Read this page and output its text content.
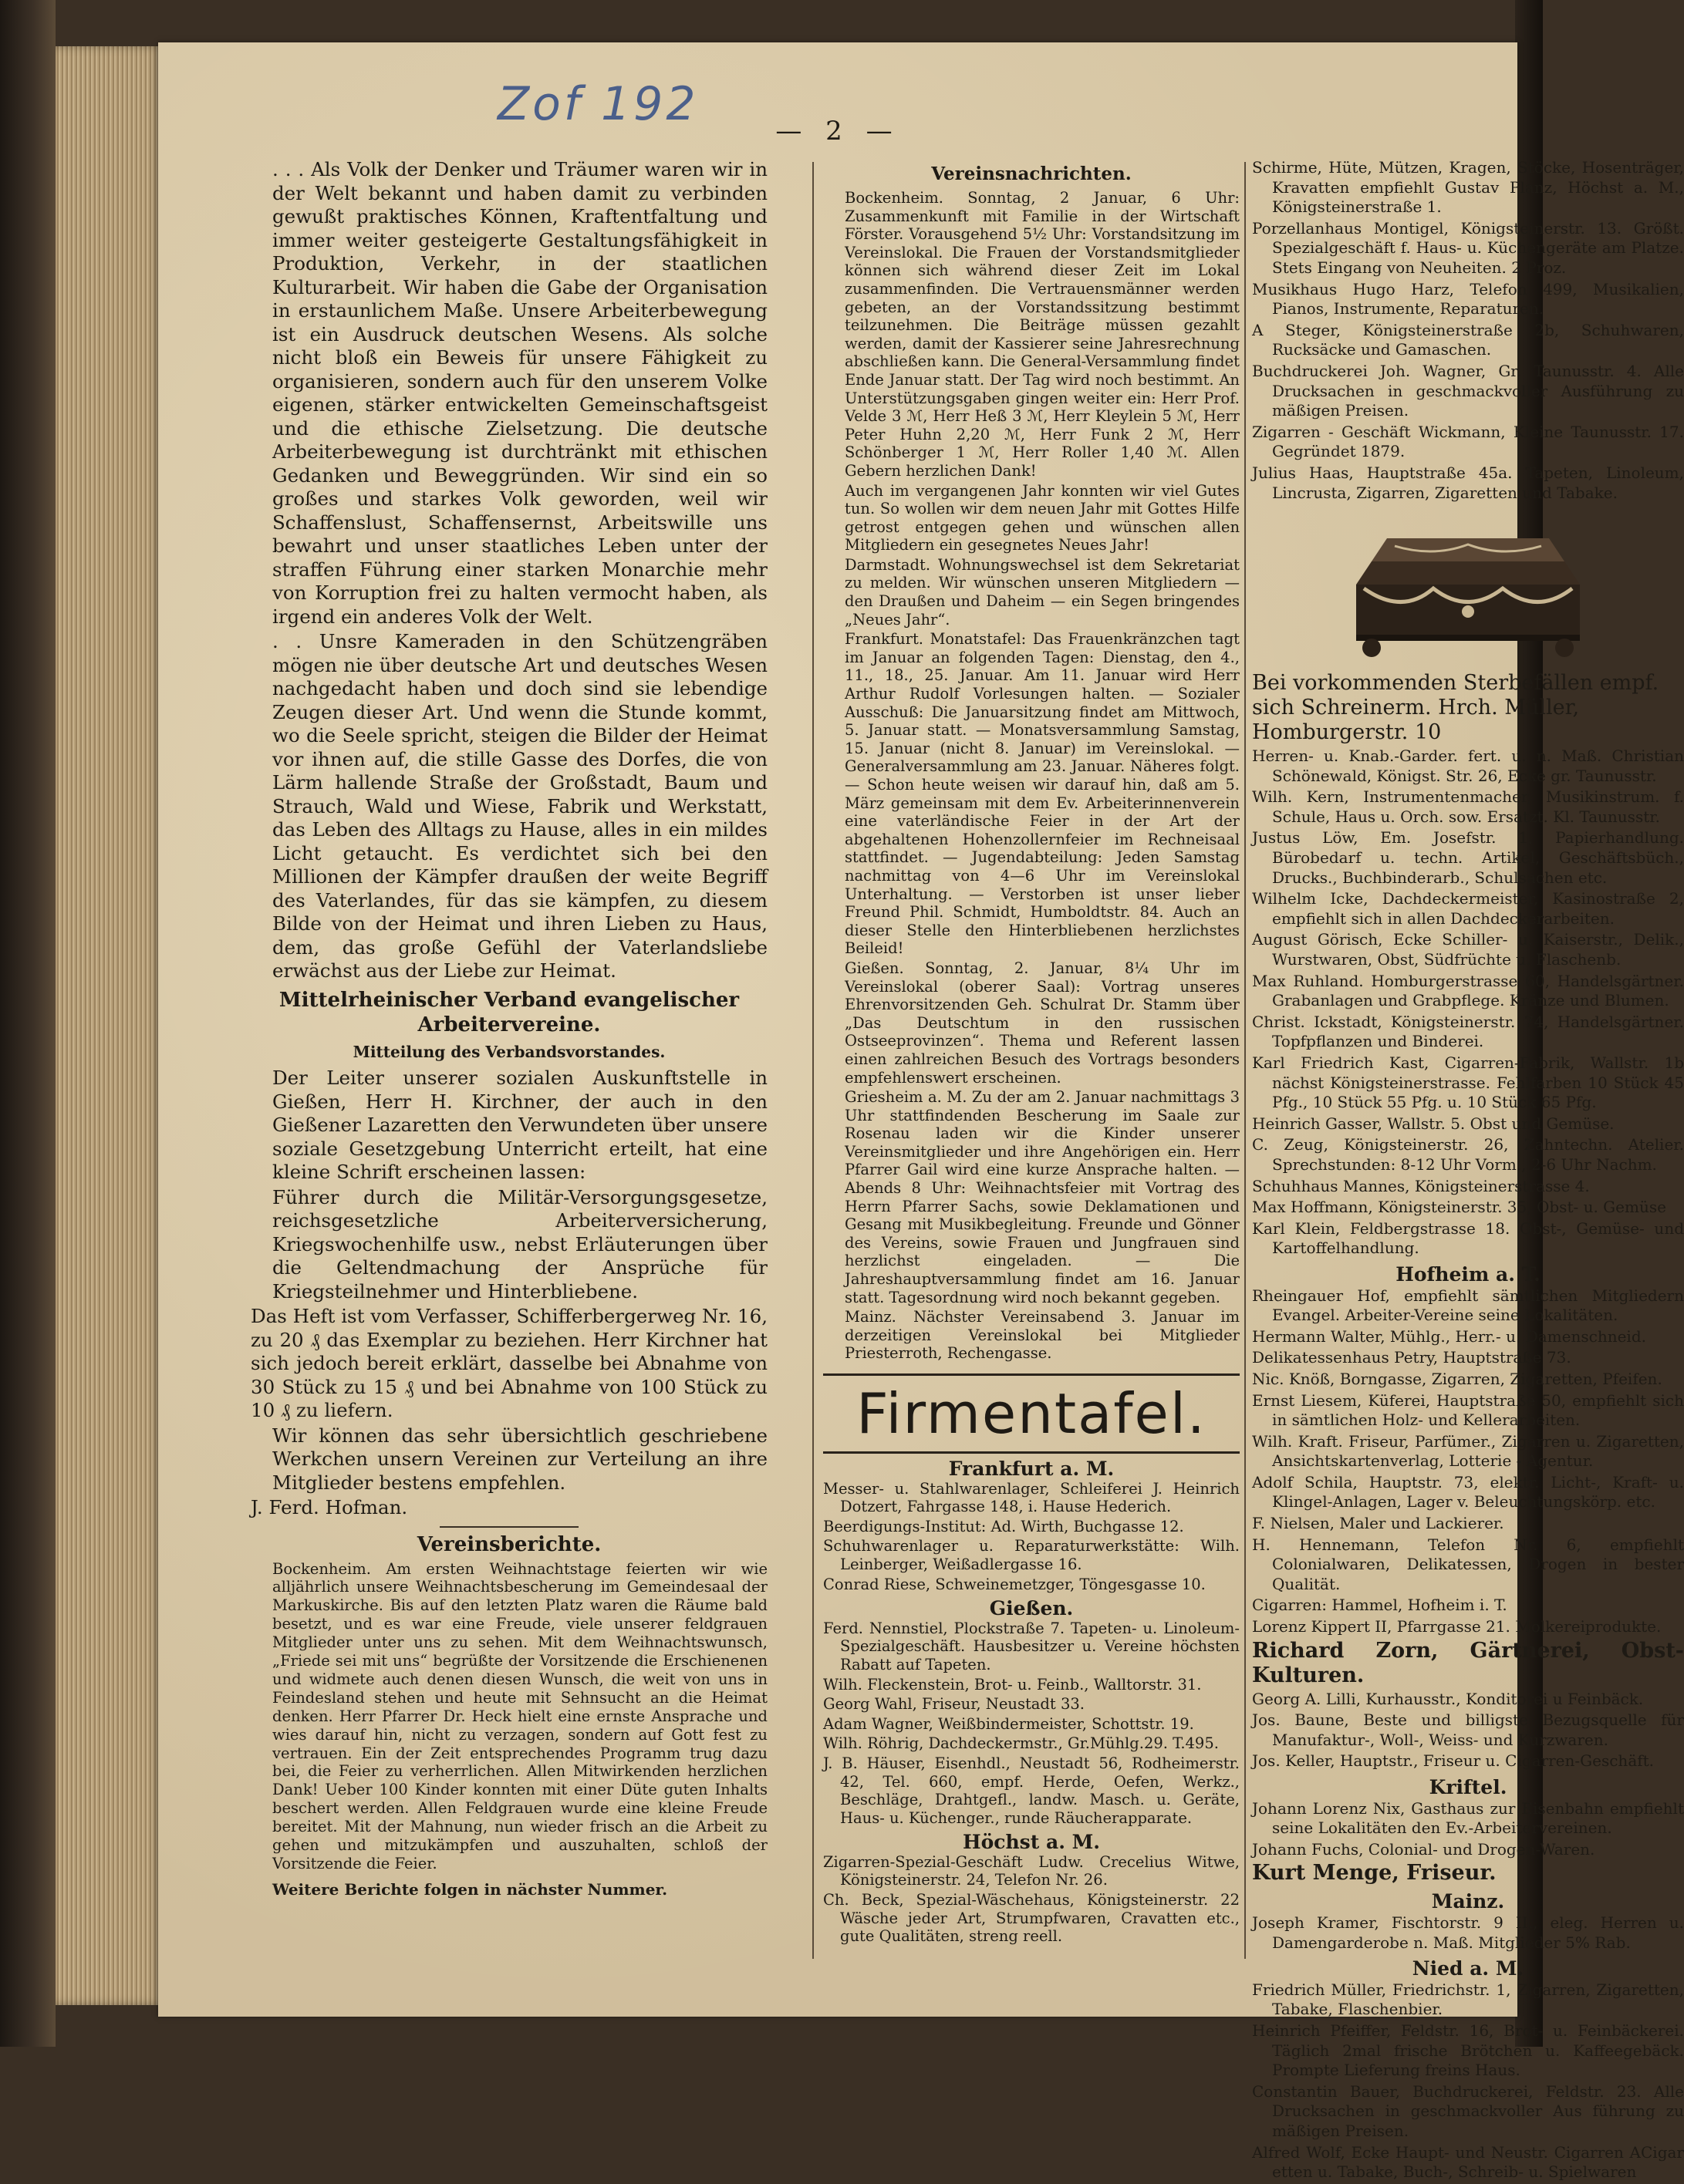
Zof 192	— 2 —

. . . Als Volk der Denker und Träumer waren wir in der Welt bekannt und haben damit zu verbinden gewußt praktisches Können, Kraftentfaltung und immer weiter gesteigerte Gestaltungsfähigkeit in Produktion, Verkehr, in der staatlichen Kulturarbeit. Wir haben die Gabe der Organisation in erstaunlichem Maße. Unsere Arbeiterbewegung ist ein Ausdruck deutschen Wesens. Als solche nicht bloß ein Beweis für unsere Fähigkeit zu organisieren, sondern auch für den unserem Volke eigenen, stärker entwickelten Gemeinschaftsgeist und die ethische Zielsetzung. Die deutsche Arbeiterbewegung ist durchtränkt mit ethischen Gedanken und Beweggründen. Wir sind ein so großes und starkes Volk geworden, weil wir Schaffenslust, Schaffensernst, Arbeitswille uns bewahrt und unser staatliches Leben unter der straffen Führung einer starken Monarchie mehr von Korruption frei zu halten vermocht haben, als irgend ein anderes Volk der Welt.

. . Unsre Kameraden in den Schützengräben mögen nie über deutsche Art und deutsches Wesen nachgedacht haben und doch sind sie lebendige Zeugen dieser Art. Und wenn die Stunde kommt, wo die Seele spricht, steigen die Bilder der Heimat vor ihnen auf, die stille Gasse des Dorfes, die von Lärm hallende Straße der Großstadt, Baum und Strauch, Wald und Wiese, Fabrik und Werkstatt, das Leben des Alltags zu Hause, alles in ein mildes Licht getaucht. Es verdichtet sich bei den Millionen der Kämpfer draußen der weite Begriff des Vaterlandes, für das sie kämpfen, zu diesem Bilde von der Heimat und ihren Lieben zu Haus, dem, das große Gefühl der Vaterlandsliebe erwächst aus der Liebe zur Heimat.

Mittelrheinischer Verband evangelischer Arbeitervereine.
Mitteilung des Verbandsvorstandes.

Der Leiter unserer sozialen Auskunftstelle in Gießen, Herr H. Kirchner, der auch in den Gießener Lazaretten den Verwundeten über unsere soziale Gesetzgebung Unterricht erteilt, hat eine kleine Schrift erscheinen lassen:

Führer durch die Militär-Versorgungsgesetze, reichsgesetzliche Arbeiterversicherung, Kriegswochenhilfe usw., nebst Erläuterungen über die Geltendmachung der Ansprüche für Kriegsteilnehmer und Hinterbliebene.

Das Heft ist vom Verfasser, Schifferbergerweg Nr. 16, zu 20 ₰ das Exemplar zu beziehen. Herr Kirchner hat sich jedoch bereit erklärt, dasselbe bei Abnahme von 30 Stück zu 15 ₰ und bei Abnahme von 100 Stück zu 10 ₰ zu liefern.

Wir können das sehr übersichtlich geschriebene Werkchen unsern Vereinen zur Verteilung an ihre Mitglieder bestens empfehlen.

J. Ferd. Hofman.

Vereinsberichte.

Bockenheim. Am ersten Weihnachtstage feierten wir wie alljährlich unsere Weihnachtsbescherung im Gemeindesaal der Markuskirche. Bis auf den letzten Platz waren die Räume bald besetzt, und es war eine Freude, viele unserer feldgrauen Mitglieder unter uns zu sehen. Mit dem Weihnachtswunsch, „Friede sei mit uns“ begrüßte der Vorsitzende die Erschienenen und widmete auch denen diesen Wunsch, die weit von uns in Feindesland stehen und heute mit Sehnsucht an die Heimat denken. Herr Pfarrer Dr. Heck hielt eine ernste Ansprache und wies darauf hin, nicht zu verzagen, sondern auf Gott fest zu vertrauen. Ein der Zeit entsprechendes Programm trug dazu bei, die Feier zu verherrlichen. Allen Mitwirkenden herzlichen Dank! Ueber 100 Kinder konnten mit einer Düte guten Inhalts beschert werden. Allen Feldgrauen wurde eine kleine Freude bereitet. Mit der Mahnung, nun wieder frisch an die Arbeit zu gehen und mitzukämpfen und auszuhalten, schloß der Vorsitzende die Feier.

Weitere Berichte folgen in nächster Nummer.

Vereinsnachrichten.

Bockenheim. Sonntag, 2 Januar, 6 Uhr: Zusammenkunft mit Familie in der Wirtschaft Förster. Vorausgehend 5½ Uhr: Vorstandsitzung im Vereinslokal. Die Frauen der Vorstandsmitglieder können sich während dieser Zeit im Lokal zusammenfinden. Die Vertrauensmänner werden gebeten, an der Vorstandssitzung bestimmt teilzunehmen. Die Beiträge müssen gezahlt werden, damit der Kassierer seine Jahresrechnung abschließen kann. Die General-Versammlung findet Ende Januar statt. Der Tag wird noch bestimmt. An Unterstützungsgaben gingen weiter ein: Herr Prof. Velde 3 ℳ, Herr Heß 3 ℳ, Herr Kleylein 5 ℳ, Herr Peter Huhn 2,20 ℳ, Herr Funk 2 ℳ, Herr Schönberger 1 ℳ, Herr Roller 1,40 ℳ. Allen Gebern herzlichen Dank!

Auch im vergangenen Jahr konnten wir viel Gutes tun. So wollen wir dem neuen Jahr mit Gottes Hilfe getrost entgegen gehen und wünschen allen Mitgliedern ein gesegnetes Neues Jahr!

Darmstadt. Wohnungswechsel ist dem Sekretariat zu melden. Wir wünschen unseren Mitgliedern — den Draußen und Daheim — ein Segen bringendes „Neues Jahr“.

Frankfurt. Monatstafel: Das Frauenkränzchen tagt im Januar an folgenden Tagen: Dienstag, den 4., 11., 18., 25. Januar. Am 11. Januar wird Herr Arthur Rudolf Vorlesungen halten. — Sozialer Ausschuß: Die Januarsitzung findet am Mittwoch, 5. Januar statt. — Monatsversammlung Samstag, 15. Januar (nicht 8. Januar) im Vereinslokal. — Generalversammlung am 23. Januar. Näheres folgt. — Schon heute weisen wir darauf hin, daß am 5. März gemeinsam mit dem Ev. Arbeiterinnenverein eine vaterländische Feier in der Art der abgehaltenen Hohenzollernfeier im Rechneisaal stattfindet. — Jugendabteilung: Jeden Samstag nachmittag von 4—6 Uhr im Vereinslokal Unterhaltung. — Verstorben ist unser lieber Freund Phil. Schmidt, Humboldtstr. 84. Auch an dieser Stelle den Hinterbliebenen herzlichstes Beileid!

Gießen. Sonntag, 2. Januar, 8¼ Uhr im Vereinslokal (oberer Saal): Vortrag unseres Ehrenvorsitzenden Geh. Schulrat Dr. Stamm über „Das Deutschtum in den russischen Ostseeprovinzen“. Thema und Referent lassen einen zahlreichen Besuch des Vortrags besonders empfehlenswert erscheinen.

Griesheim a. M. Zu der am 2. Januar nachmittags 3 Uhr stattfindenden Bescherung im Saale zur Rosenau laden wir die Kinder unserer Vereinsmitglieder und ihre Angehörigen ein. Herr Pfarrer Gail wird eine kurze Ansprache halten. — Abends 8 Uhr: Weihnachtsfeier mit Vortrag des Herrn Pfarrer Sachs, sowie Deklamationen und Gesang mit Musikbegleitung. Freunde und Gönner des Vereins, sowie Frauen und Jungfrauen sind herzlichst eingeladen. — Die Jahreshauptversammlung findet am 16. Januar statt. Tagesordnung wird noch bekannt gegeben.

Mainz. Nächster Vereinsabend 3. Januar im derzeitigen Vereinslokal bei Mitglieder Priesterroth, Rechengasse.

Firmentafel.
Frankfurt a. M.

Messer- u. Stahlwarenlager, Schleiferei J. Heinrich Dotzert, Fahrgasse 148, i. Hause Hederich.

Beerdigungs-Institut: Ad. Wirth, Buchgasse 12.

Schuhwarenlager u. Reparaturwerkstätte: Wilh. Leinberger, Weißadlergasse 16.

Conrad Riese, Schweinemetzger, Töngesgasse 10.

Gießen.

Ferd. Nennstiel, Plockstraße 7. Tapeten- u. Linoleum-Spezialgeschäft. Hausbesitzer u. Vereine höchsten Rabatt auf Tapeten.

Wilh. Fleckenstein, Brot- u. Feinb., Walltorstr. 31.

Georg Wahl, Friseur, Neustadt 33.

Adam Wagner, Weißbindermeister, Schottstr. 19.

Wilh. Röhrig, Dachdeckermstr., Gr.Mühlg.29. T.495.

J. B. Häuser, Eisenhdl., Neustadt 56, Rodheimerstr. 42, Tel. 660, empf. Herde, Oefen, Werkz., Beschläge, Drahtgefl., landw. Masch. u. Geräte, Haus- u. Küchenger., runde Räucherapparate.

Höchst a. M.

Zigarren-Spezial-Geschäft Ludw. Crecelius Witwe, Königsteinerstr. 24, Telefon Nr. 26.

Ch. Beck, Spezial-Wäschehaus, Königsteinerstr. 22 Wäsche jeder Art, Strumpfwaren, Cravatten etc., gute Qualitäten, streng reell.

Schirme, Hüte, Mützen, Kragen, Stöcke, Hosenträger, Kravatten empfiehlt Gustav Planz, Höchst a. M., Königsteinerstraße 1.

Porzellanhaus Montigel, Königsteinerstr. 13. Größt. Spezialgeschäft f. Haus- u. Küchengeräte am Platze. Stets Eingang von Neuheiten. 2 Proz.

Musikhaus Hugo Harz, Telefon 499, Musikalien, Pianos, Instrumente, Reparaturen.

A Steger, Königsteinerstraße 2b, Schuhwaren, Rucksäcke und Gamaschen.

Buchdruckerei Joh. Wagner, Gr. Taunusstr. 4. Alle Drucksachen in geschmackvoller Ausführung zu mäßigen Preisen.

Zigarren - Geschäft Wickmann, Kleine Taunusstr. 17. Gegründet 1879.

Julius Haas, Hauptstraße 45a. Tapeten, Linoleum, Lincrusta, Zigarren, Zigaretten und Tabake.

Bei vorkommenden Sterbefällen empf. sich Schreinerm. Hrch. Müller, Homburgerstr. 10

Herren- u. Knab.-Garder. fert. u. n. Maß. Christian Schönewald, Königst. Str. 26, Ecke gr. Taunusstr.

Wilh. Kern, Instrumentenmacher, Musikinstrum. f. Schule, Haus u. Orch. sow. Ersatzt. Kl. Taunusstr.

Justus Löw, Em. Josefstr. 1, Papierhandlung. Bürobedarf u. techn. Artikel, Geschäftsbüch., Drucks., Buchbinderarb., Schulsachen etc.

Wilhelm Icke, Dachdeckermeister, Kasinostraße 2, empfiehlt sich in allen Dachdeckerarbeiten.

August Görisch, Ecke Schiller- u. Kaiserstr., Delik., Wurstwaren, Obst, Südfrüchte u. Flaschenb.

Max Ruhland. Homburgerstrasse 60, Handelsgärtner. Grabanlagen und Grabpflege. Kränze und Blumen.

Christ. Ickstadt, Königsteinerstr. 74, Handelsgärtner. Topfpflanzen und Binderei.

Karl Friedrich Kast, Cigarren-Fabrik, Wallstr. 1b nächst Königsteinerstrasse. Fehlfarben 10 Stück 45 Pfg., 10 Stück 55 Pfg. u. 10 Stück 65 Pfg.

Heinrich Gasser, Wallstr. 5. Obst und Gemüse.

C. Zeug, Königsteinerstr. 26, Zahntechn. Atelier. Sprechstunden: 8-12 Uhr Vorm., 2-6 Uhr Nachm.

Schuhhaus Mannes, Königsteinerstrasse 4.

Max Hoffmann, Königsteinerstr. 35, Obst- u. Gemüse

Karl Klein, Feldbergstrasse 18. Obst-, Gemüse- und Kartoffelhandlung.

Hofheim a. T.

Rheingauer Hof, empfiehlt sämtlichen Mitgliedern Evangel. Arbeiter-Vereine seine Lokalitäten.

Hermann Walter, Mühlg., Herr.- u. Damenschneid.

Delikatessenhaus Petry, Hauptstraße 73.

Nic. Knöß, Borngasse, Zigarren, Zigaretten, Pfeifen.

Ernst Liesem, Küferei, Hauptstraße 50, empfiehlt sich in sämtlichen Holz- und Kellerarbeiten.

Wilh. Kraft. Friseur, Parfümer., Zigarren u. Zigaretten, Ansichtskartenverlag, Lotterie - Agentur.

Adolf Schila, Hauptstr. 73, elektr. Licht-, Kraft- u. Klingel-Anlagen, Lager v. Beleuchtungskörp. etc.

F. Nielsen, Maler und Lackierer.

H. Hennemann, Telefon Nr. 6, empfiehlt Colonialwaren, Delikatessen, Drogen in bester Qualität.

Cigarren: Hammel, Hofheim i. T.

Lorenz Kippert II, Pfarrgasse 21. Molkereiprodukte.

Richard Zorn, Gärtnerei, Obst-Kulturen.

Georg A. Lilli, Kurhausstr., Konditorei u Feinbäck.

Jos. Baune, Beste und billigste Bezugsquelle für Manufaktur-, Woll-, Weiss- und Kurzwaren.

Jos. Keller, Hauptstr., Friseur u. Cigarren-Geschäft.

Kriftel.

Johann Lorenz Nix, Gasthaus zur Eisenbahn empfiehlt seine Lokalitäten den Ev.-Arbeitervereinen.

Johann Fuchs, Colonial- und Drogen-Waren.

Kurt Menge, Friseur.

Mainz.

Joseph Kramer, Fischtorstr. 9 II., eleg. Herren u. Damengarderobe n. Maß. Mitglieder 5% Rab.

Nied a. M.

Friedrich Müller, Friedrichstr. 1, Zigarren, Zigaretten, Tabake, Flaschenbier.

Heinrich Pfeiffer, Feldstr. 16, Brot- u. Feinbäckerei. Täglich 2mal frische Brötchen u. Kaffeegebäck. Prompte Lieferung freins Haus.

Constantin Bauer, Buchdruckerei, Feldstr. 23. Alle Drucksachen in geschmackvoller Aus führung zu mäßigen Preisen.

Alfred Wolf, Ecke Haupt- und Neustr. Cigarren ACigar etten u. Tabake, Buch-, Schreib- u. Spielwaren
